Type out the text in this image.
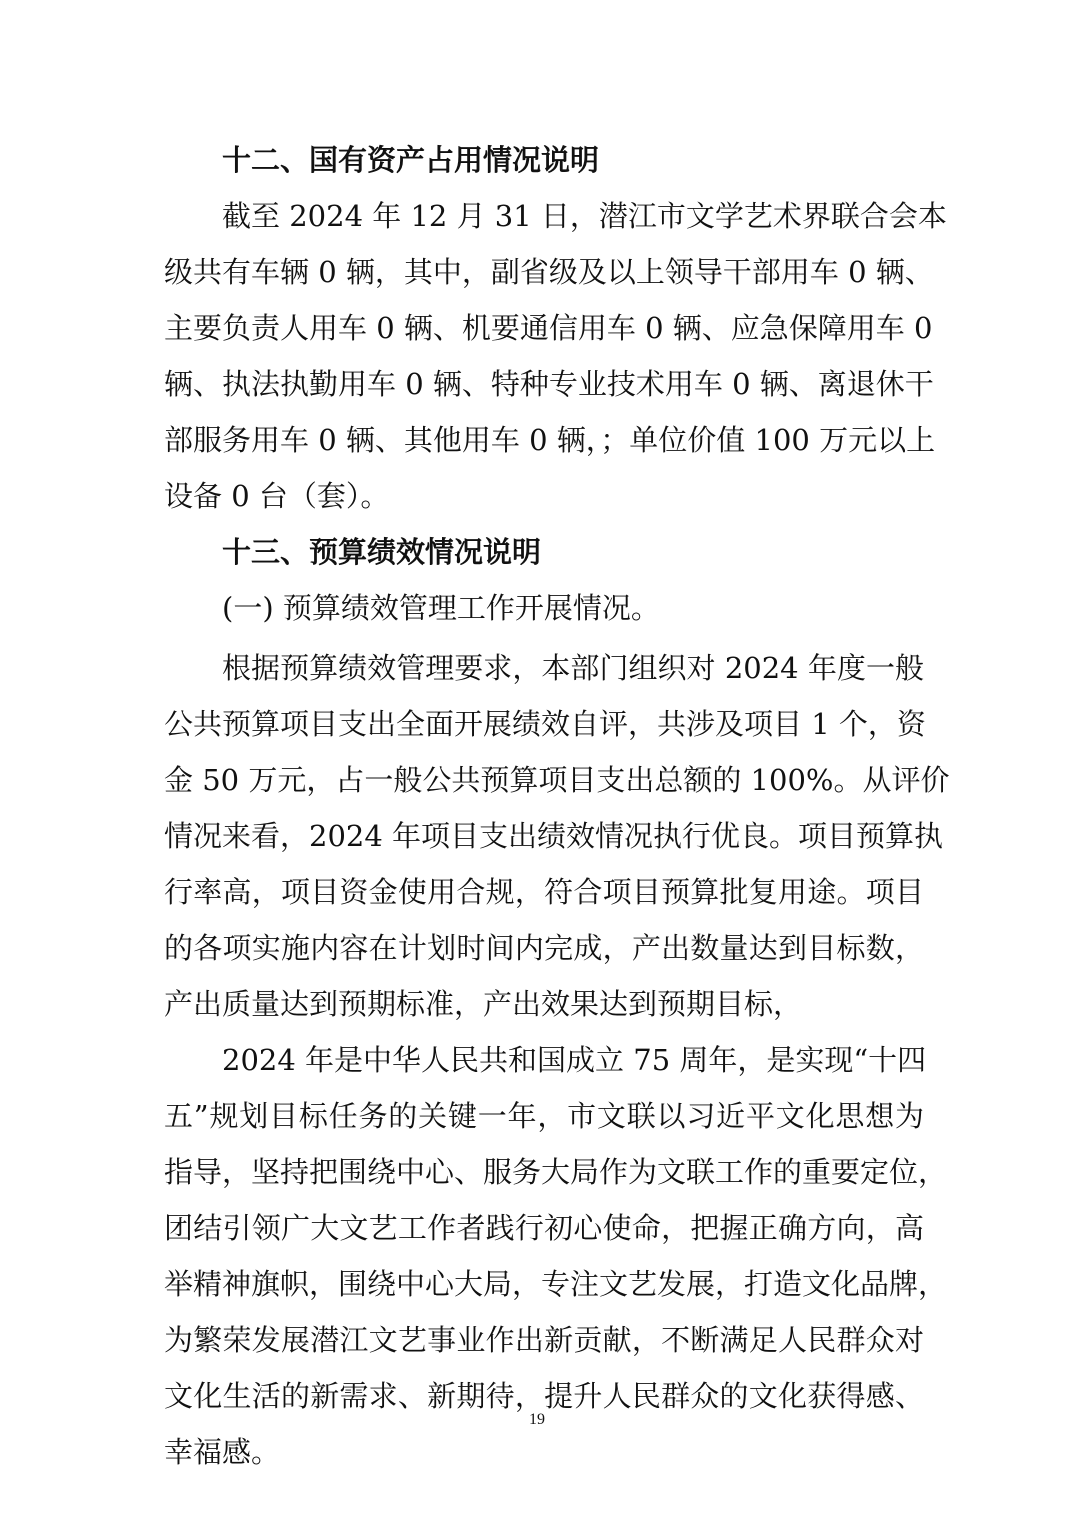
十二、国有资产占用情况说明
截至 2024 年 12 月 31 日，潜江市文学艺术界联合会本
级共有车辆 0 辆，其中，副省级及以上领导干部用车 0 辆、
主要负责人用车 0 辆、机要通信用车 0 辆、应急保障用车 0
辆、执法执勤用车 0 辆、特种专业技术用车 0 辆、离退休干
部服务用车 0 辆、其他用车 0 辆，；单位价值 100 万元以上
设备 0 台（套）。
十三、预算绩效情况说明
(一) 预算绩效管理工作开展情况。
根据预算绩效管理要求，本部门组织对 2024 年度一般
公共预算项目支出全面开展绩效自评，共涉及项目 1 个，资
金 50 万元，占一般公共预算项目支出总额的 100%。从评价
情况来看，2024 年项目支出绩效情况执行优良。项目预算执
行率高，项目资金使用合规，符合项目预算批复用途。项目
的各项实施内容在计划时间内完成，产出数量达到目标数，
产出质量达到预期标准，产出效果达到预期目标，
2024 年是中华人民共和国成立 75 周年，是实现“十四
五”规划目标任务的关键一年，市文联以习近平文化思想为
指导，坚持把围绕中心、服务大局作为文联工作的重要定位，
团结引领广大文艺工作者践行初心使命，把握正确方向，高
举精神旗帜，围绕中心大局，专注文艺发展，打造文化品牌，
为繁荣发展潜江文艺事业作出新贡献，不断满足人民群众对
文化生活的新需求、新期待，提升人民群众的文化获得感、
幸福感。
19
